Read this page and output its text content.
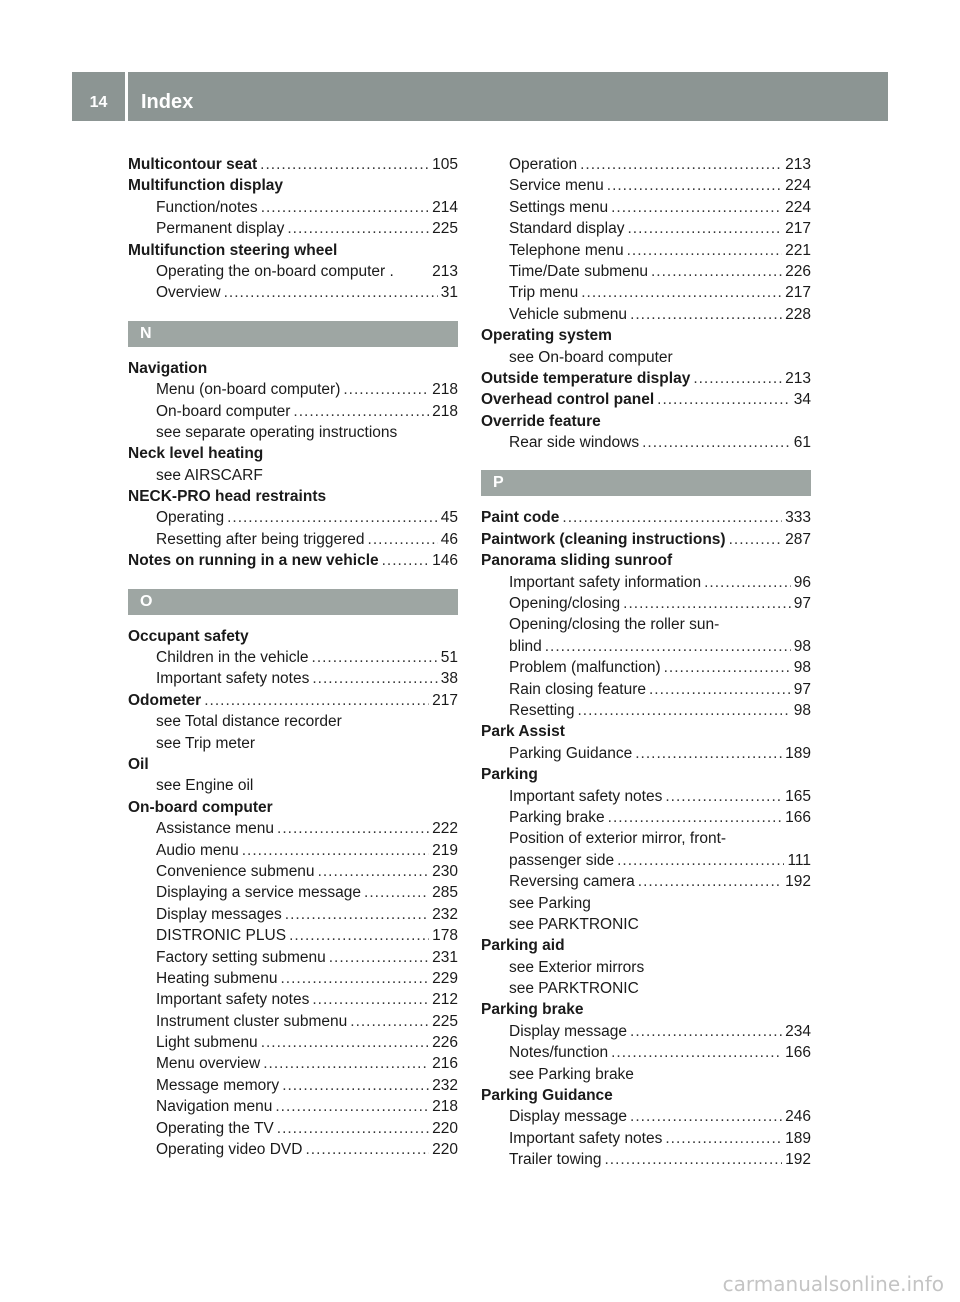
14	Index
Multicontour seat .....	105
Multifunction display
Function/notes .....	214
Permanent display .....	225
Multifunction steering wheel
Operating the on-board computer . 213
Overview .....	31
N
Navigation
Menu (on-board computer) .....	218
On-board computer .....	218
see separate operating instructions
Neck level heating
see AIRSCARF
NECK-PRO head restraints
Operating .....	45
Resetting after being triggered .....	46
Notes on running in a new vehicle .....	146
O
Occupant safety
Children in the vehicle .....	51
Important safety notes .....	38
Odometer .....	217
see Total distance recorder
see Trip meter
Oil
see Engine oil
On-board computer
Assistance menu .....	222
Audio menu .....	219
Convenience submenu .....	230
Displaying a service message .....	285
Display messages .....	232
DISTRONIC PLUS .....	178
Factory setting submenu .....	231
Heating submenu .....	229
Important safety notes .....	212
Instrument cluster submenu .....	225
Light submenu .....	226
Menu overview .....	216
Message memory .....	232
Navigation menu .....	218
Operating the TV .....	220
Operating video DVD .....	220
Operation .....	213
Service menu .....	224
Settings menu .....	224
Standard display .....	217
Telephone menu .....	221
Time/Date submenu .....	226
Trip menu .....	217
Vehicle submenu .....	228
Operating system
see On-board computer
Outside temperature display .....	213
Overhead control panel .....	34
Override feature
Rear side windows .....	61
P
Paint code .....	333
Paintwork (cleaning instructions) .....	287
Panorama sliding sunroof
Important safety information .....	96
Opening/closing .....	97
Opening/closing the roller sun-
blind .....	98
Problem (malfunction) .....	98
Rain closing feature .....	97
Resetting .....	98
Park Assist
Parking Guidance .....	189
Parking
Important safety notes .....	165
Parking brake .....	166
Position of exterior mirror, front-
passenger side .....	111
Reversing camera .....	192
see Parking
see PARKTRONIC
Parking aid
see Exterior mirrors
see PARKTRONIC
Parking brake
Display message .....	234
Notes/function .....	166
see Parking brake
Parking Guidance
Display message .....	246
Important safety notes .....	189
Trailer towing .....	192
carmanualsonline.info
